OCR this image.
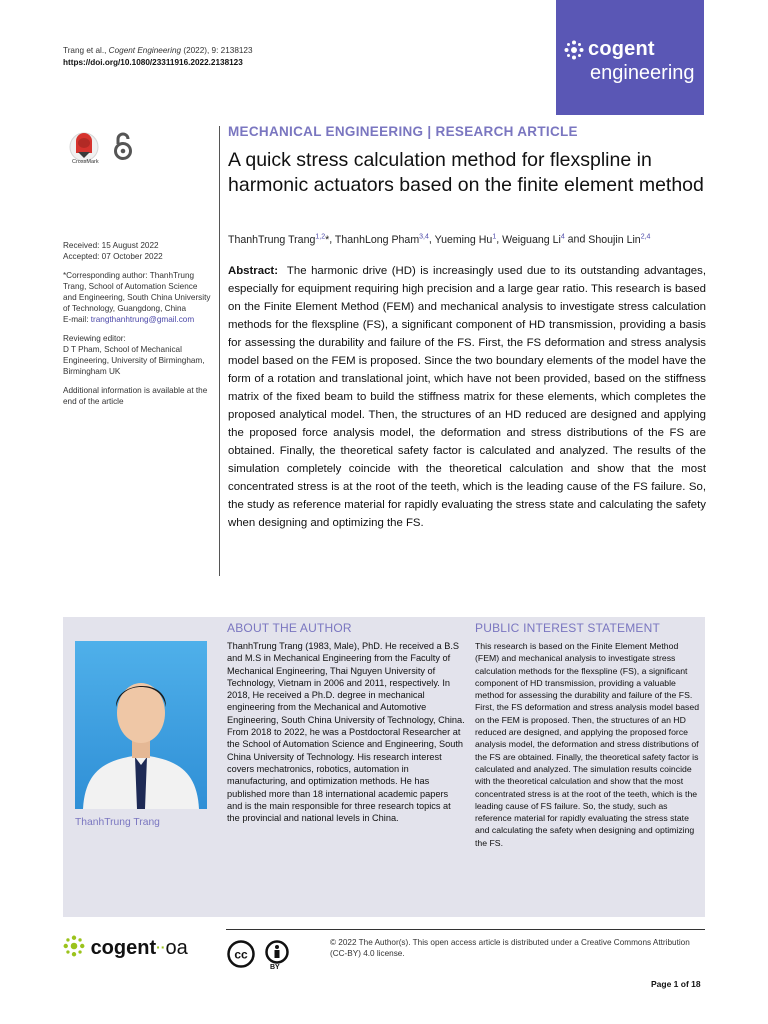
Trang et al., Cogent Engineering (2022), 9: 2138123
https://doi.org/10.1080/23311916.2022.2138123
cogent
engineering
CrossMark

Received: 15 August 2022
Accepted: 07 October 2022

*Corresponding author: ThanhTrung Trang, School of Automation Science and Engineering, South China University of Technology, Guangdong, China
E-mail: trangthanhtrung@gmail.com

Reviewing editor:
D T Pham, School of Mechanical Engineering, University of Birmingham, Birmingham UK

Additional information is available at the end of the article

MECHANICAL ENGINEERING | RESEARCH ARTICLE
A quick stress calculation method for flexspline in harmonic actuators based on the finite element method
ThanhTrung Trang$^{1,2}$*, ThanhLong Pham$^{3,4}$, Yueming Hu$^1$, Weiguang Li$^4$ and Shoujin Lin$^{2,4}$
Abstract: The harmonic drive (HD) is increasingly used due to its outstanding advantages, especially for equipment requiring high precision and a large gear ratio. This research is based on the Finite Element Method (FEM) and mechanical analysis to investigate stress calculation methods for the flexspline (FS), a significant component of HD transmission, providing a basis for assessing the durability and failure of the FS. First, the FS deformation and stress analysis model based on the FEM is proposed. Since the two boundary elements of the model have the form of a rotation and translational joint, which have not been provided, based on the stiffness matrix of the fixed beam to build the stiffness matrix for these elements, which completes the proposed analytical model. Then, the structures of an HD reduced are designed and applying the proposed force analysis model, the deformation and stress distributions of the FS are obtained. Finally, the theoretical safety factor is calculated and analyzed. The results of the simulation completely coincide with the theoretical calculation and show that the most concentrated stress is at the root of the teeth, which is the leading cause of the FS failure. So, the study as reference material for rapidly evaluating the stress state and calculating the safety when designing and optimizing the FS.
ThanhTrung Trang
ABOUT THE AUTHOR
ThanhTrung Trang (1983, Male), PhD. He received a B.S and M.S in Mechanical Engineering from the Faculty of Mechanical Engineering, Thai Nguyen University of Technology, Vietnam in 2006 and 2011, respectively. In 2018, He received a Ph.D. degree in mechanical engineering from the Mechanical and Automotive Engineering, South China University of Technology, China. From 2018 to 2022, he was a Postdoctoral Researcher at the School of Automation Science and Engineering, South China University of Technology. His research interest covers mechatronics, robotics, automation in manufacturing, and optimization methods. He has published more than 18 international academic papers and is the main responsible for three research topics at the provincial and national levels in China.
PUBLIC INTEREST STATEMENT
This research is based on the Finite Element Method (FEM) and mechanical analysis to investigate stress calculation methods for the flexspline (FS), a significant component of HD transmission, providing a valuable method for assessing the durability and failure of the FS. First, the FS deformation and stress analysis model based on the FEM is proposed. Then, the structures of an HD reduced are designed, and applying the proposed force analysis model, the deformation and stress distributions of the FS are obtained. Finally, the theoretical safety factor is calculated and analyzed. The simulation results coincide with the theoretical calculation and show that the most concentrated stress is at the root of the teeth, which is the leading cause of FS failure. So, the study, such as reference material for rapidly evaluating the stress state and calculating the safety when designing and optimizing the FS.
cogent··oa	cc
BY
© 2022 The Author(s). This open access article is distributed under a Creative Commons Attribution (CC-BY) 4.0 license.
Page 1 of 18
